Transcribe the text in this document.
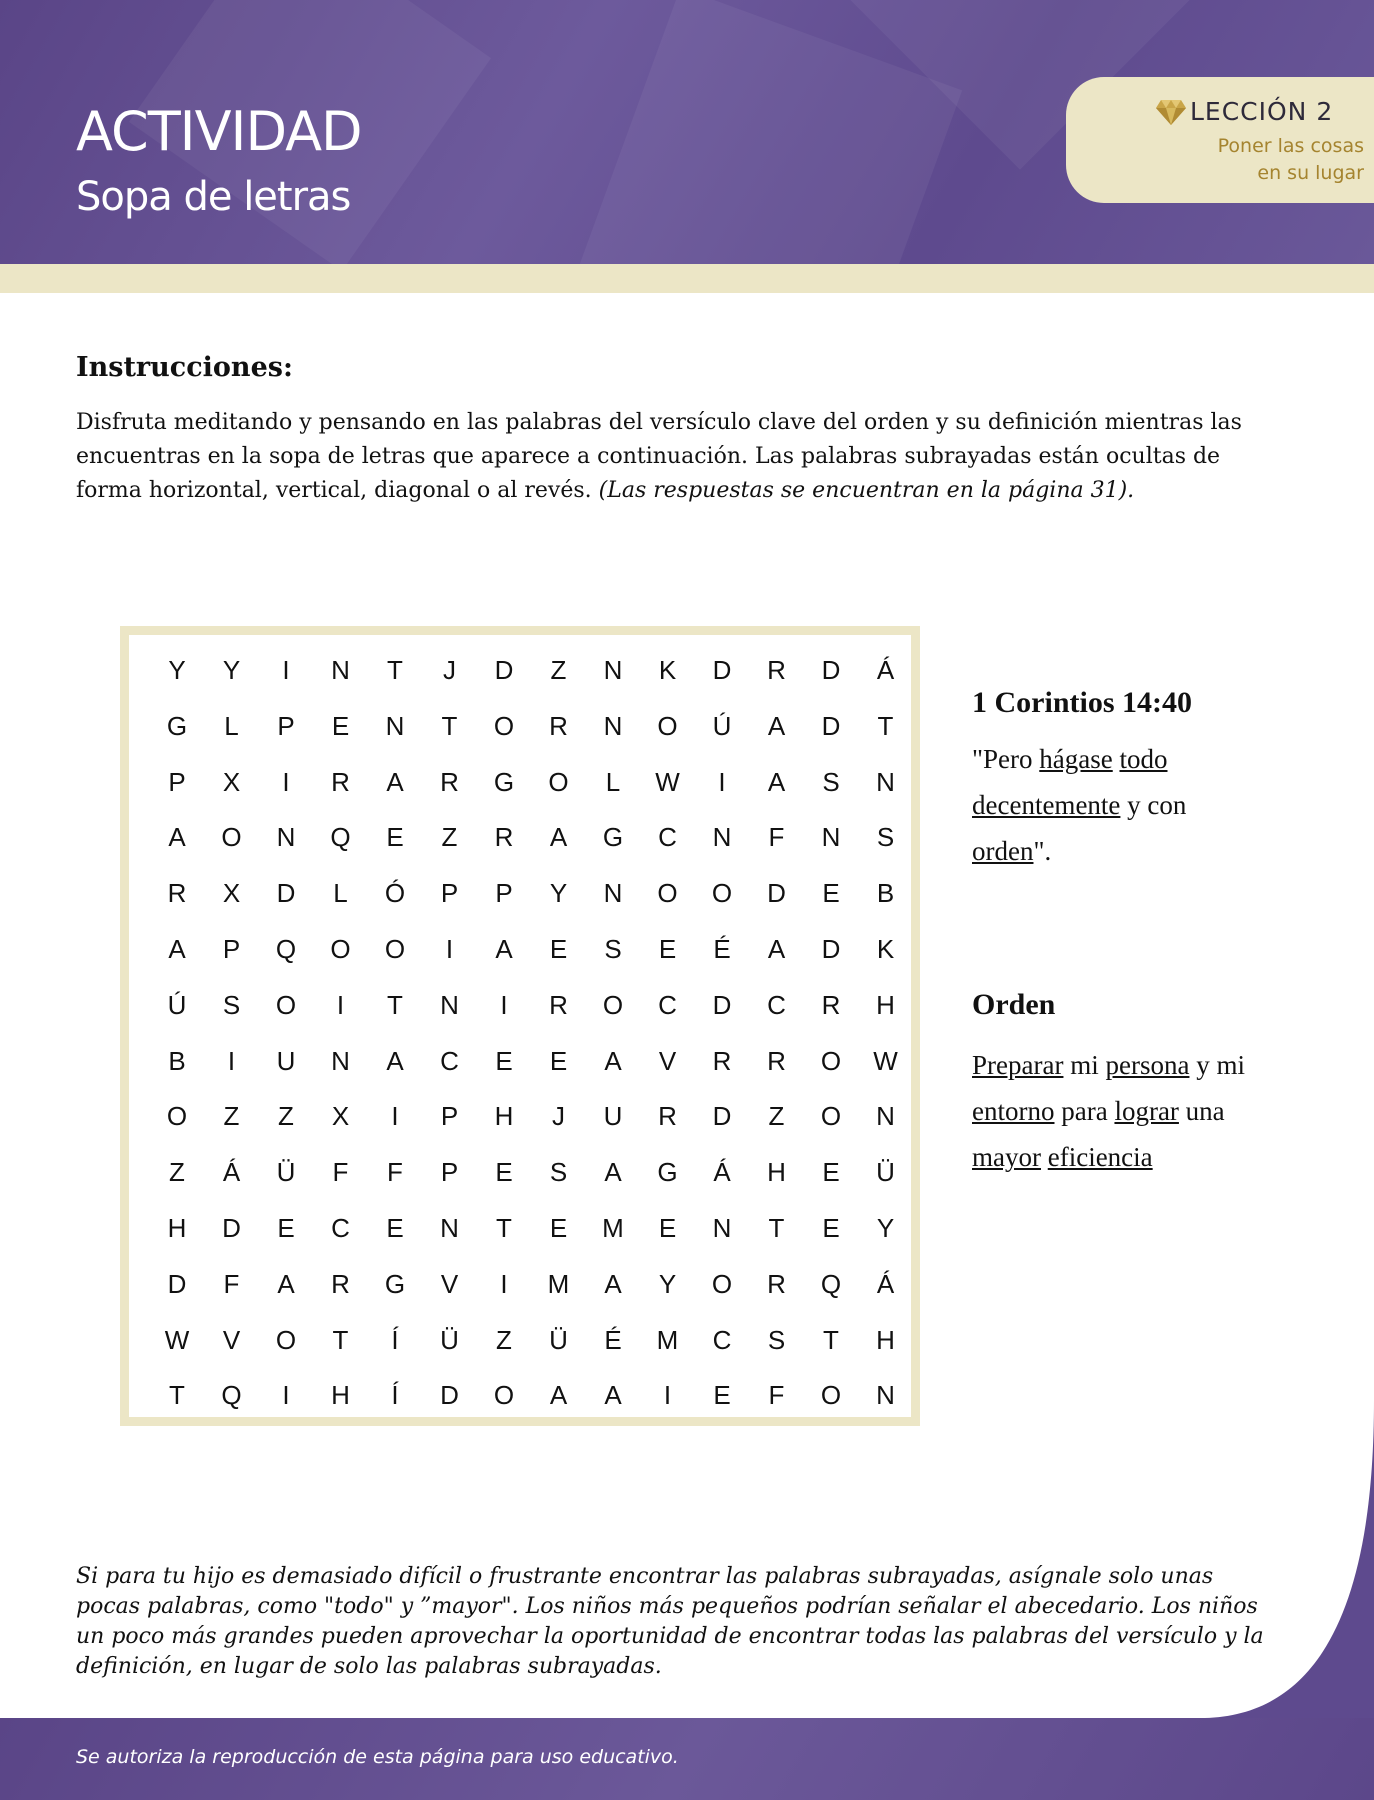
ACTIVIDAD
Sopa de letras
LECCIÓN 2
Poner las cosas
en su lugar
Instrucciones:

Disfruta meditando y pensando en las palabras del versículo clave del orden y su definición mientras las encuentras en la sopa de letras que aparece a continuación. Las palabras subrayadas están ocultas de forma horizontal, vertical, diagonal o al revés. (Las respuestas se encuentran en la página 31).

Y	Y	I	N	T	J	D	Z	N	K	D	R	D	Á
G	L	P	E	N	T	O	R	N	O	Ú	A	D	T
P	X	I	R	A	R	G	O	L	W	I	A	S	N
A	O	N	Q	E	Z	R	A	G	C	N	F	N	S
R	X	D	L	Ó	P	P	Y	N	O	O	D	E	B
A	P	Q	O	O	I	A	E	S	E	É	A	D	K
Ú	S	O	I	T	N	I	R	O	C	D	C	R	H
B	I	U	N	A	C	E	E	A	V	R	R	O	W
O	Z	Z	X	I	P	H	J	U	R	D	Z	O	N
Z	Á	Ü	F	F	P	E	S	A	G	Á	H	E	Ü
H	D	E	C	E	N	T	E	M	E	N	T	E	Y
D	F	A	R	G	V	I	M	A	Y	O	R	Q	Á
W	V	O	T	Í	Ü	Z	Ü	É	M	C	S	T	H
T	Q	I	H	Í	D	O	A	A	I	E	F	O	N
1 Corintios 14:40
"Pero hágase todo decentemente y con orden".
Orden
Preparar mi persona y mi entorno para lograr una mayor eficiencia

Si para tu hijo es demasiado difícil o frustrante encontrar las palabras subrayadas, asígnale solo unas pocas palabras, como "todo" y ”mayor". Los niños más pequeños podrían señalar el abecedario. Los niños un poco más grandes pueden aprovechar la oportunidad de encontrar todas las palabras del versículo y la definición, en lugar de solo las palabras subrayadas.

Se autoriza la reproducción de esta página para uso educativo.
